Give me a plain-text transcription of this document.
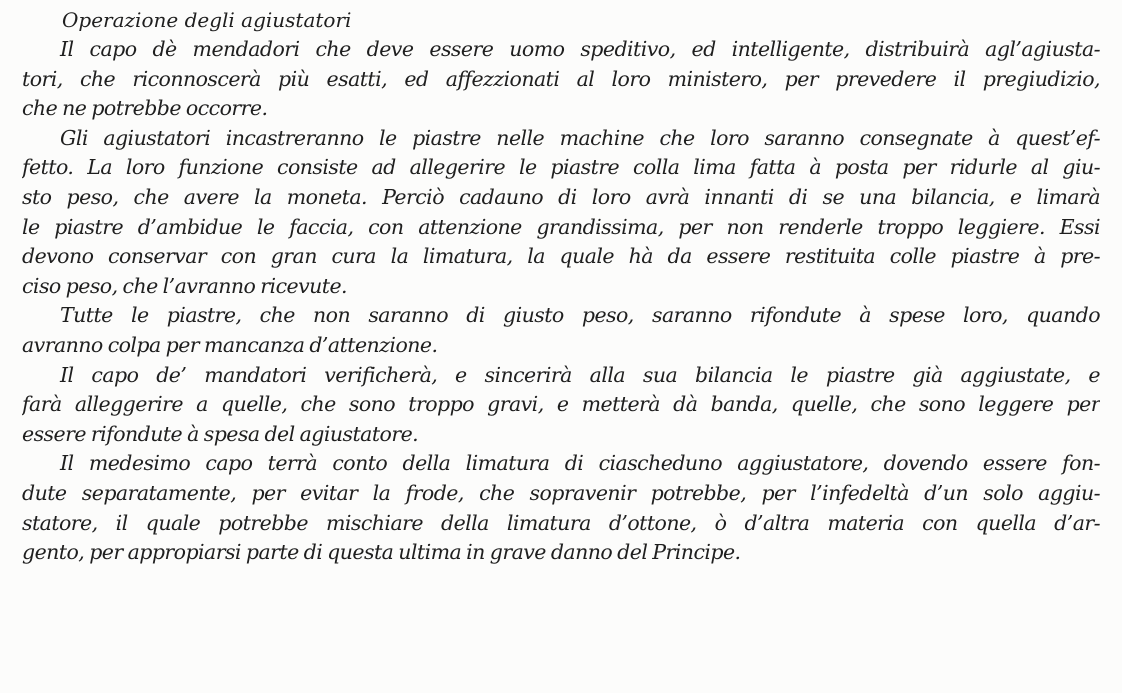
Operazione degli agiustatori
Il capo dè mendadori che deve essere uomo speditivo, ed intelligente, distribuirà agl’agiusta-
tori, che riconnoscerà più esatti, ed affezzionati al loro ministero, per prevedere il pregiudizio,
che ne potrebbe occorre.
Gli agiustatori incastreranno le piastre nelle machine che loro saranno consegnate à quest’ef-
fetto. La loro funzione consiste ad allegerire le piastre colla lima fatta à posta per ridurle al giu-
sto peso, che avere la moneta. Perciò cadauno di loro avrà innanti di se una bilancia, e limarà
le piastre d’ambidue le faccia, con attenzione grandissima, per non renderle troppo leggiere. Essi
devono conservar con gran cura la limatura, la quale hà da essere restituita colle piastre à pre-
ciso peso, che l’avranno ricevute.
Tutte le piastre, che non saranno di giusto peso, saranno rifondute à spese loro, quando
avranno colpa per mancanza d’attenzione.
Il capo de’ mandatori verificherà, e sincerirà alla sua bilancia le piastre già aggiustate, e
farà alleggerire a quelle, che sono troppo gravi, e metterà dà banda, quelle, che sono leggere per
essere rifondute à spesa del agiustatore.
Il medesimo capo terrà conto della limatura di ciascheduno aggiustatore, dovendo essere fon-
dute separatamente, per evitar la frode, che sopravenir potrebbe, per l’infedeltà d’un solo aggiu-
statore, il quale potrebbe mischiare della limatura d’ottone, ò d’altra materia con quella d’ar-
gento, per appropiarsi parte di questa ultima in grave danno del Principe.
